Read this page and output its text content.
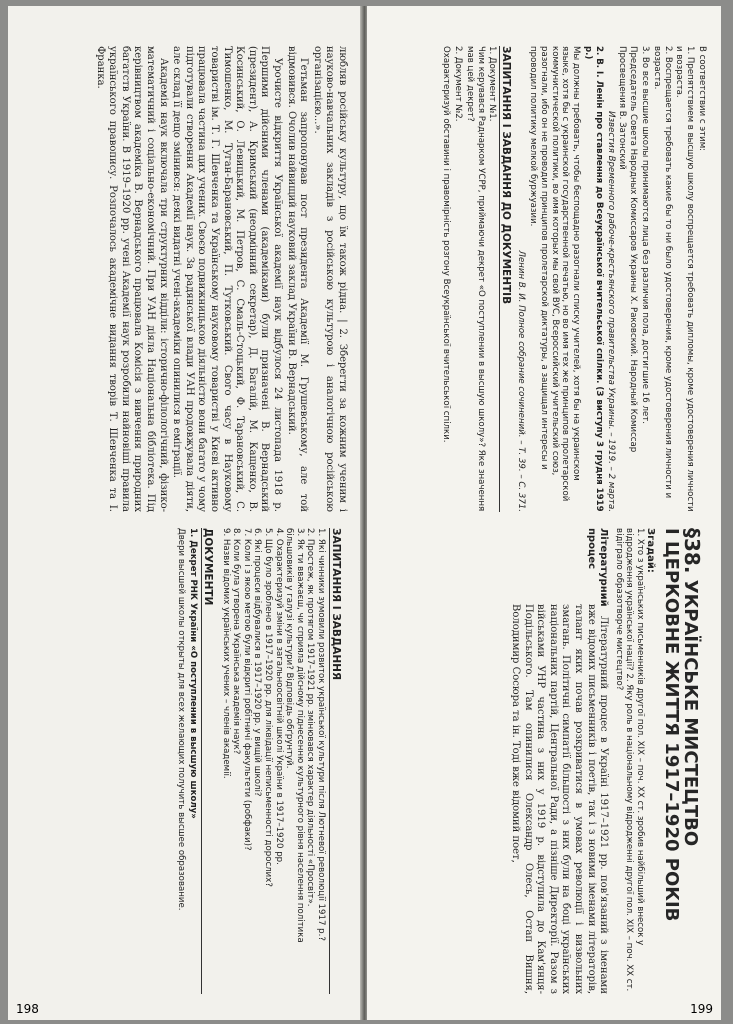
любляв російську культуру, що їм також рідна. | 2. Зберегти за кожним ученим і науково-навчальних закладів з російською культурою і аналогічною російською організацією...».

Гетьман запропонував пост президента Академії М. Грушевському, але той відмовився. Очолив найвищий науковий заклад України В. Вернадський.

Урочисте відкриття Української академії наук відбулося 24 листопада 1918 р. Першими дійсними членами (академіками) були призначені В. Вернадський (президент), А. Кримський (неодмінний секретар), Д. Багалій, М. Кащенко, В. Косинський, О. Левицький, М. Петров, С. Смаль-Стоцький, Ф. Тарановський, С. Тимошенко, М. Туган-Барановський, П. Тутковський. Свого часу в Науковому товаристві ім. Т. Г. Шевченка та Українському науковому товаристві у Києві активно працювала частина цих учених. Своєю подвижницькою діяльністю вони багато у чому підготували створення Академії наук. За радянської влади УАН продовжувала діяти, але склад її дещо змінився: деякі видатні учені-академіки опинилися в еміграції.

Академія наук включала три структурних відділи: історично-філологічний, фізико-математичний і соціально-економічний. При УАН діяла Національна бібліотека. Під керівництвом академіка В. Вернадського працювала Комісія з вивчення природних багатств України. В 1919–1920 рр. учені Академії наук розробили найновіші правила українського правопису. Розпочалось академічне видання творів Т. Шевченка та І. Франка.

ЗАПИТАННЯ І ЗАВДАННЯ
1. Які чинники зумовили розвиток української культури після Лютневої революції 1917 р.?
2. Простеж, як протягом 1917–1921 рр. змінювався характер діяльності «Просвіт».
3. Як ти вважаєш, чи сприяла дійсному піднесенню культурного рівня населення політика більшовиків у галузі культури? Відповідь обґрунтуй.
4. Охарактеризуй зміни в загальноосвітній школі України в 1917–1920 рр.
5. Що було зроблено в 1917–1920 рр. для ліквідації неписьменності дорослих?
6. Які процеси відбувалися в 1917–1920 рр. у вищій школі?
7. Коли і з якою метою були відкриті робітничі факультети (робфаки)?
8. Коли була утворена Українська академія наук?
9. Назви відомих українських учених – членів академії.
ДОКУМЕНТИ

1. Декрет РНК України «О поступлении в высшую школу»

Двери высшей школы открыты для всех желающих получить высшее образование.

198

В соответствии с этим:

1. Препятствием в высшую школу воспрещается требовать дипломы, кроме удостоверения личности и возраста.

2. Воспрещается требовать какие бы то ни было удостоверения, кроме удостоверения личности и возраста.

3. Во все высшие школы принимаются лица без различия пола, достигшие 16 лет.

Председатель Совета Народных Комиссаров Украины Х. Раковский. Народный Комиссар Просвещения В. Затонский

Известия Временного рабоче-крестьянского правительства Украины. – 1919. – 2 марта.

2. В. І. Ленін про ставлення до Всеукраїнської вчительської спілки. (З виступу 3 грудня 1919 р.)

Мы должны требовать, чтобы беспощадно разогнали списку учителей, хотя бы на украинском языке, хотя бы с украинской государственной печатью, но во имя тех же принципов пролетарской коммунистической политики, во имя которых мы свой ВУС, Всероссийский учительский союз, разогнали, ибо он не проводил принципов пролетарской диктатуры, а защищал интересы и проводил политику мелкой буржуазии.

Ленин В. И. Полное собрание сочинений. – Т. 39. – С. 371.

ЗАПИТАННЯ І ЗАВДАННЯ ДО ДОКУМЕНТІВ

1. Документ №1.

Чим керувався Раднарком УСРР, приймаючи декрет «О поступлении в высшую школу»? Яке значення мав цей декрет?

2. Документ №2.

Охарактеризуй обставини і правомірність розгону Всеукраїнської вчительської спілки.

§38. УКРАЇНСЬКЕ МИСТЕЦТВО
І ЦЕРКОВНЕ ЖИТТЯ 1917–1920 РОКІВ

Згадай:

1. Хто з українських письменників другої пол. XIX – поч. XX ст. зробив найбільший внесок у відродження української нації? 2. Яку роль в національному відродженні другої пол. XIX – поч. XX ст. відіграло образотворче мистецтво?

Літературний процес

Літературний процес в Україні 1917–1921 рр. пов'язаний з іменами вже відомих письменників і поетів, так і з новими іменами літераторів, талант яких почав розкриватися в умовах революції і визвольних змагань. Політичні симпатії більшості з них були на боці українських національних партій, Центральної Ради, а пізніше Директорії. Разом з військами УНР частина з них у 1919 р. відступила до Кам'янця-Подільського. Там опинилися Олександр Олесь, Остап Вишня, Володимир Сосюра та ін. Тоді вже відомий поет,

199
